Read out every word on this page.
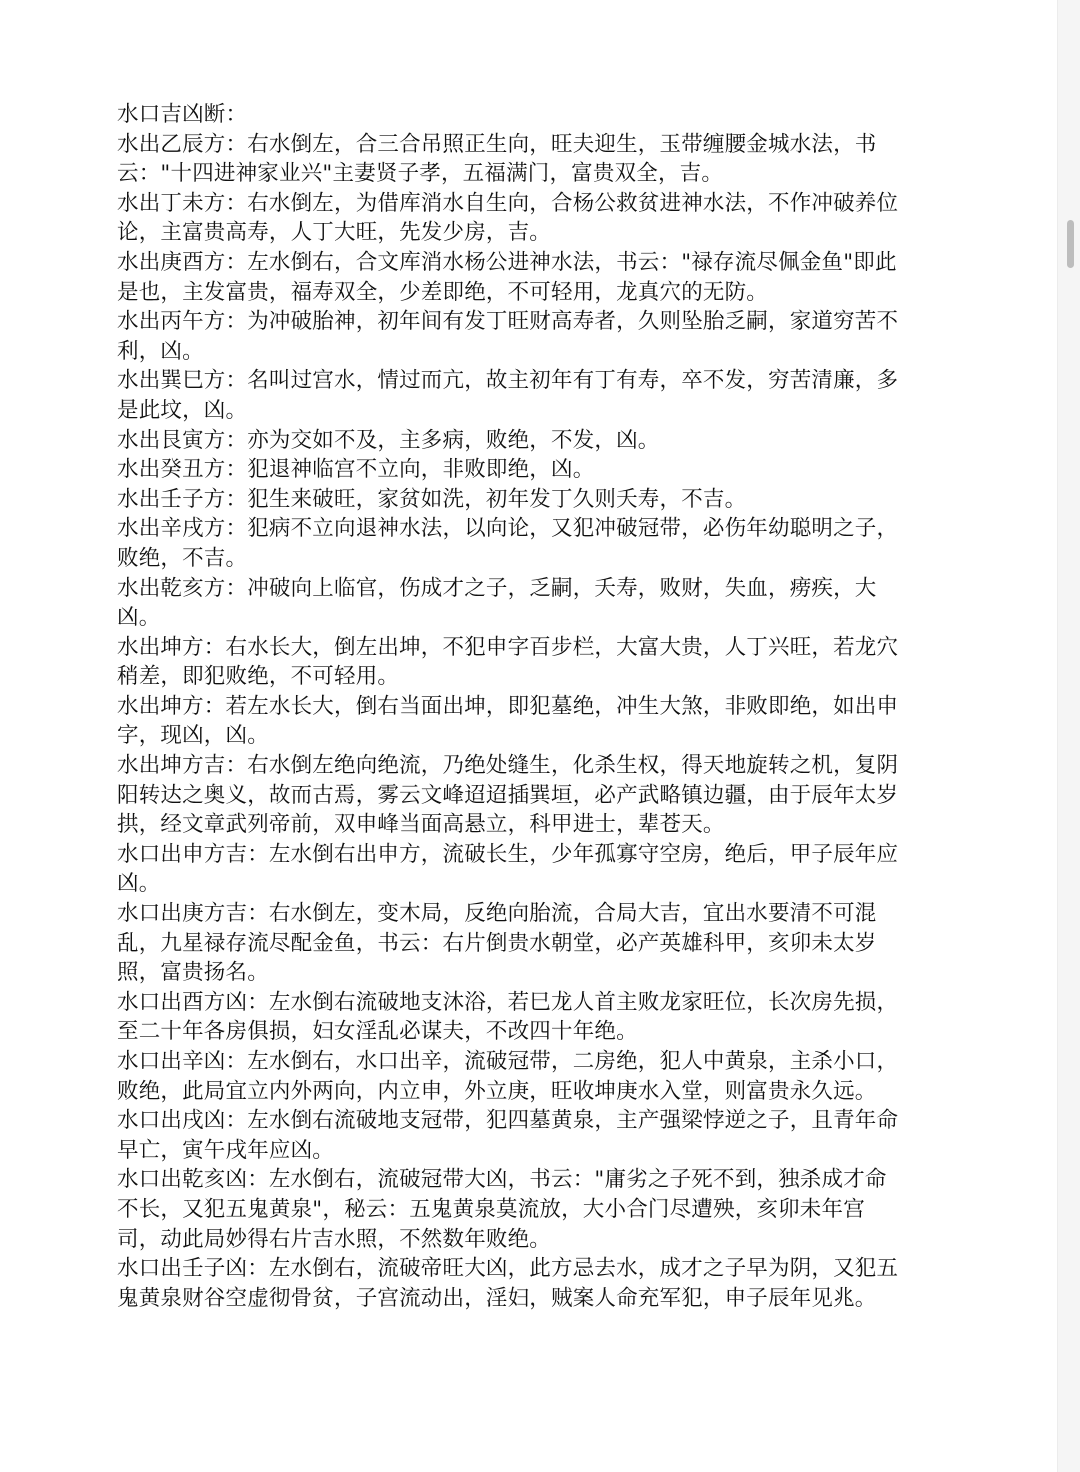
水口吉凶断：

水出乙辰方：右水倒左，合三合吊照正生向，旺夫迎生，玉带缠腰金城水法，书云："十四进神家业兴"主妻贤子孝，五福满门，富贵双全，吉。

水出丁未方：右水倒左，为借库消水自生向，合杨公救贫进神水法，不作冲破养位论，主富贵高寿，人丁大旺，先发少房，吉。

水出庚酉方：左水倒右，合文库消水杨公进神水法，书云："禄存流尽佩金鱼"即此是也，主发富贵，福寿双全，少差即绝，不可轻用，龙真穴的无防。

水出丙午方：为冲破胎神，初年间有发丁旺财高寿者，久则坠胎乏嗣，家道穷苦不利，凶。

水出巽巳方：名叫过宫水，情过而亢，故主初年有丁有寿，卒不发，穷苦清廉，多是此坟，凶。

水出艮寅方：亦为交如不及，主多病，败绝，不发，凶。

水出癸丑方：犯退神临宫不立向，非败即绝，凶。

水出壬子方：犯生来破旺，家贫如洗，初年发丁久则夭寿，不吉。

水出辛戌方：犯病不立向退神水法，以向论，又犯冲破冠带，必伤年幼聪明之子，败绝，不吉。

水出乾亥方：冲破向上临官，伤成才之子，乏嗣，夭寿，败财，失血，痨疾，大凶。

水出坤方：右水长大，倒左出坤，不犯申字百步栏，大富大贵，人丁兴旺，若龙穴稍差，即犯败绝，不可轻用。

水出坤方：若左水长大，倒右当面出坤，即犯墓绝，冲生大煞，非败即绝，如出申字，现凶，凶。

水出坤方吉：右水倒左绝向绝流，乃绝处缝生，化杀生权，得天地旋转之机，复阴阳转达之奥义，故而古焉，雾云文峰迢迢插巽垣，必产武略镇边疆，由于辰年太岁拱，经文章武列帝前，双申峰当面高悬立，科甲进士，辈苍天。

水口出申方吉：左水倒右出申方，流破长生，少年孤寡守空房，绝后，甲子辰年应凶。

水口出庚方吉：右水倒左，变木局，反绝向胎流，合局大吉，宜出水要清不可混乱，九星禄存流尽配金鱼，书云：右片倒贵水朝堂，必产英雄科甲，亥卯未太岁照，富贵扬名。

水口出酉方凶：左水倒右流破地支沐浴，若巳龙人首主败龙家旺位，长次房先损，至二十年各房俱损，妇女淫乱必谋夫，不改四十年绝。

水口出辛凶：左水倒右，水口出辛，流破冠带，二房绝，犯人中黄泉，主杀小口，败绝，此局宜立内外两向，内立申，外立庚，旺收坤庚水入堂，则富贵永久远。

水口出戌凶：左水倒右流破地支冠带，犯四墓黄泉，主产强梁悖逆之子，且青年命早亡，寅午戌年应凶。

水口出乾亥凶：左水倒右，流破冠带大凶，书云："庸劣之子死不到，独杀成才命不长，又犯五鬼黄泉"，秘云：五鬼黄泉莫流放，大小合门尽遭殃，亥卯未年宫司，动此局妙得右片吉水照，不然数年败绝。

水口出壬子凶：左水倒右，流破帝旺大凶，此方忌去水，成才之子早为阴，又犯五鬼黄泉财谷空虚彻骨贫，子宫流动出，淫妇，贼案人命充军犯，申子辰年见兆。
